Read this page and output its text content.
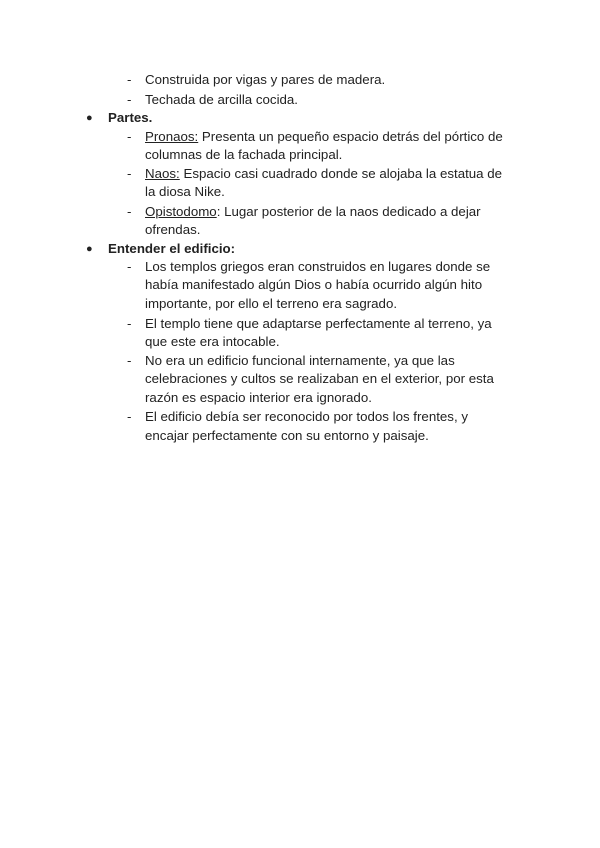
-	Construida por vigas y pares de madera.
-	Techada de arcilla cocida.
● Partes.
-	Pronaos: Presenta un pequeño espacio detrás del pórtico de
columnas de la fachada principal.
-	Naos: Espacio casi cuadrado donde se alojaba la estatua de
la diosa Nike.
-	Opistodomo: Lugar posterior de la naos dedicado a dejar
ofrendas.
● Entender el edificio:
-	Los templos griegos eran construidos en lugares donde se
había manifestado algún Dios o había ocurrido algún hito
importante, por ello el terreno era sagrado.
-	El templo tiene que adaptarse perfectamente al terreno, ya
que este era intocable.
-	No era un edificio funcional internamente, ya que las
celebraciones y cultos se realizaban en el exterior, por esta
razón es espacio interior era ignorado.
-	El edificio debía ser reconocido por todos los frentes, y
encajar perfectamente con su entorno y paisaje.
